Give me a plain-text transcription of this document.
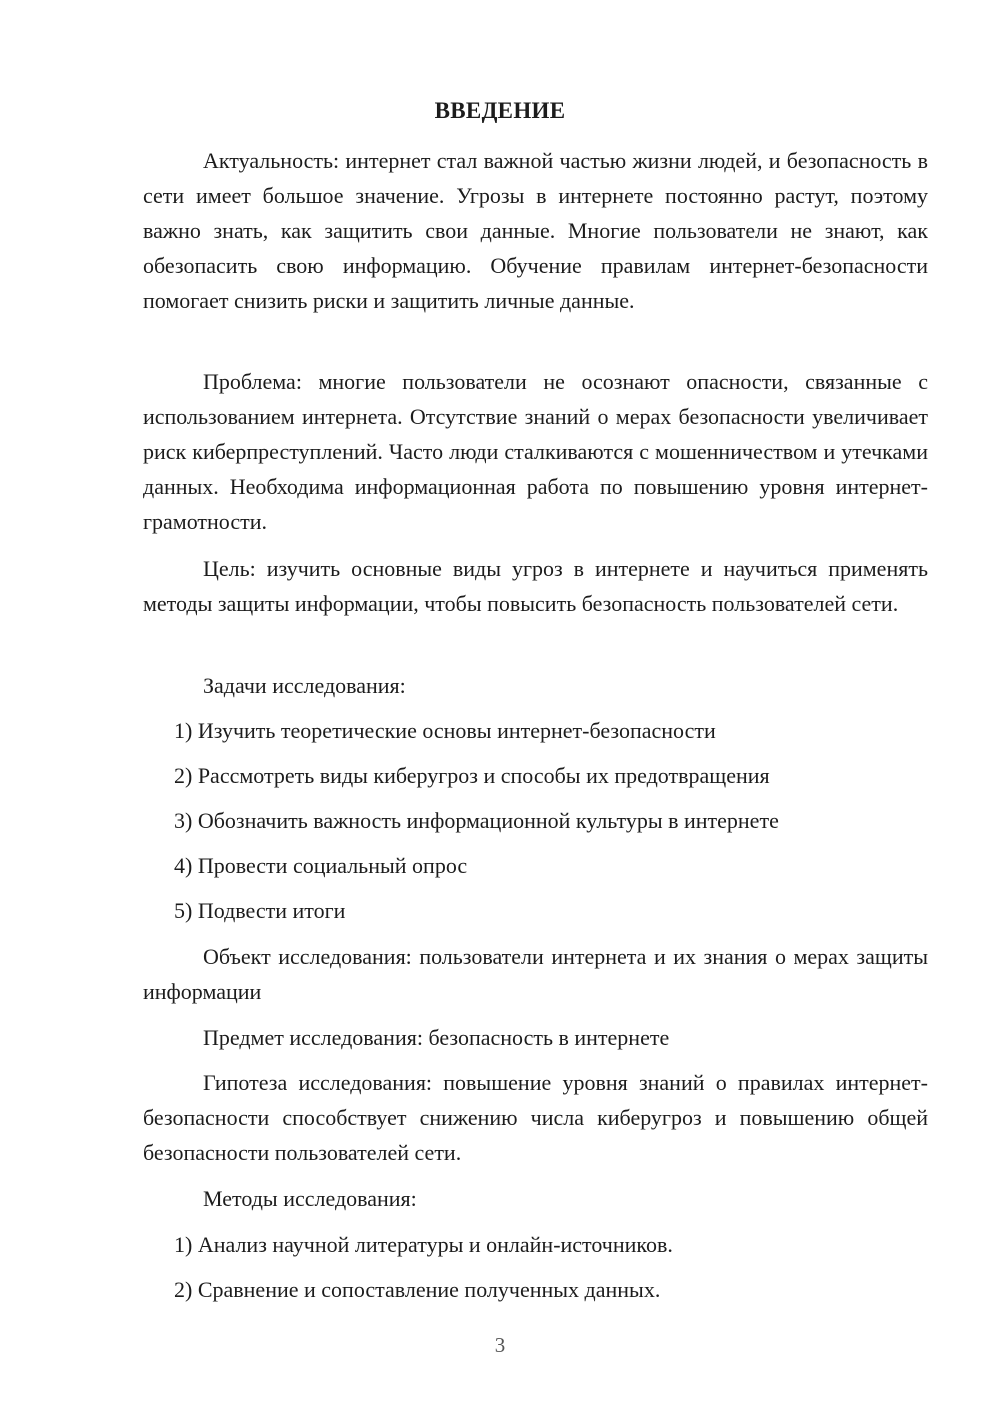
ВВЕДЕНИЕ

Актуальность: интернет стал важной частью жизни людей, и безопасность в сети имеет большое значение. Угрозы в интернете постоянно растут, поэтому важно знать, как защитить свои данные. Многие пользователи не знают, как обезопасить свою информацию. Обучение правилам интернет-безопасности помогает снизить риски и защитить личные данные.

Проблема: многие пользователи не осознают опасности, связанные с использованием интернета. Отсутствие знаний о мерах безопасности увеличивает риск киберпреступлений. Часто люди сталкиваются с мошенничеством и утечками данных. Необходима информационная работа по повышению уровня интернет-грамотности.

Цель: изучить основные виды угроз в интернете и научиться применять методы защиты информации, чтобы повысить безопасность пользователей сети.

Задачи исследования:

1) Изучить теоретические основы интернет-безопасности

2) Рассмотреть виды киберугроз и способы их предотвращения

3) Обозначить важность информационной культуры в интернете

4) Провести социальный опрос

5) Подвести итоги

Объект исследования: пользователи интернета и их знания о мерах защиты информации

Предмет исследования: безопасность в интернете

Гипотеза исследования: повышение уровня знаний о правилах интернет-безопасности способствует снижению числа киберугроз и повышению общей безопасности пользователей сети.

Методы исследования:

1) Анализ научной литературы и онлайн-источников.

2) Сравнение и сопоставление полученных данных.

3
